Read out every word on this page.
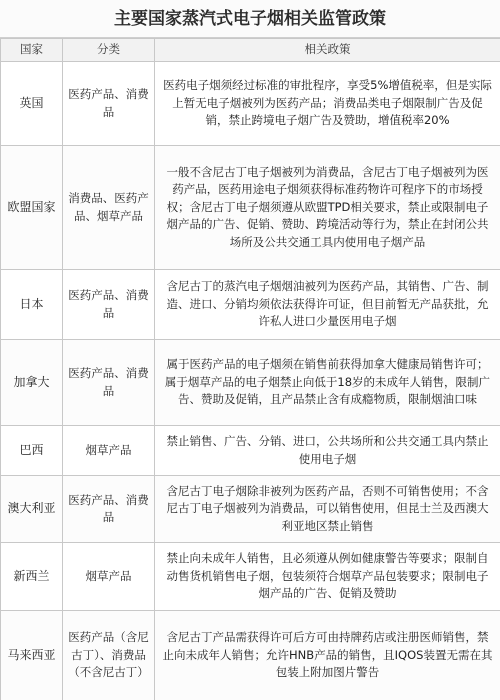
主要国家蒸汽式电子烟相关监管政策
国家	分类	相关政策
英国	医药产品、消费品	医药电子烟须经过标准的审批程序，享受5%增值税率，但是实际上暂无电子烟被列为医药产品；消费品类电子烟限制广告及促销，禁止跨境电子烟广告及赞助，增值税率20%
欧盟国家	消费品、医药产品、烟草产品	一般不含尼古丁电子烟被列为消费品，含尼古丁电子烟被列为医药产品，医药用途电子烟须获得标准药物许可程序下的市场授权；含尼古丁电子烟须遵从欧盟TPD相关要求，禁止或限制电子烟产品的广告、促销、赞助、跨境活动等行为，禁止在封闭公共场所及公共交通工具内使用电子烟产品
日本	医药产品、消费品	含尼古丁的蒸汽电子烟烟油被列为医药产品，其销售、广告、制造、进口、分销均须依法获得许可证，但目前暂无产品获批，允许私人进口少量医用电子烟
加拿大	医药产品、消费品	属于医药产品的电子烟须在销售前获得加拿大健康局销售许可；属于烟草产品的电子烟禁止向低于18岁的未成年人销售，限制广告、赞助及促销，且产品禁止含有成瘾物质，限制烟油口味
巴西	烟草产品	禁止销售、广告、分销、进口，公共场所和公共交通工具内禁止使用电子烟
澳大利亚	医药产品、消费品	含尼古丁电子烟除非被列为医药产品，否则不可销售使用；不含尼古丁电子烟被列为消费品，可以销售使用，但昆士兰及西澳大利亚地区禁止销售
新西兰	烟草产品	禁止向未成年人销售，且必须遵从例如健康警告等要求；限制自动售货机销售电子烟，包装须符合烟草产品包装要求；限制电子烟产品的广告、促销及赞助
马来西亚	医药产品（含尼古丁）、消费品（不含尼古丁）	含尼古丁产品需获得许可后方可由持牌药店或注册医师销售，禁止向未成年人销售；允许HNB产品的销售，且IQOS装置无需在其包装上附加图片警告
